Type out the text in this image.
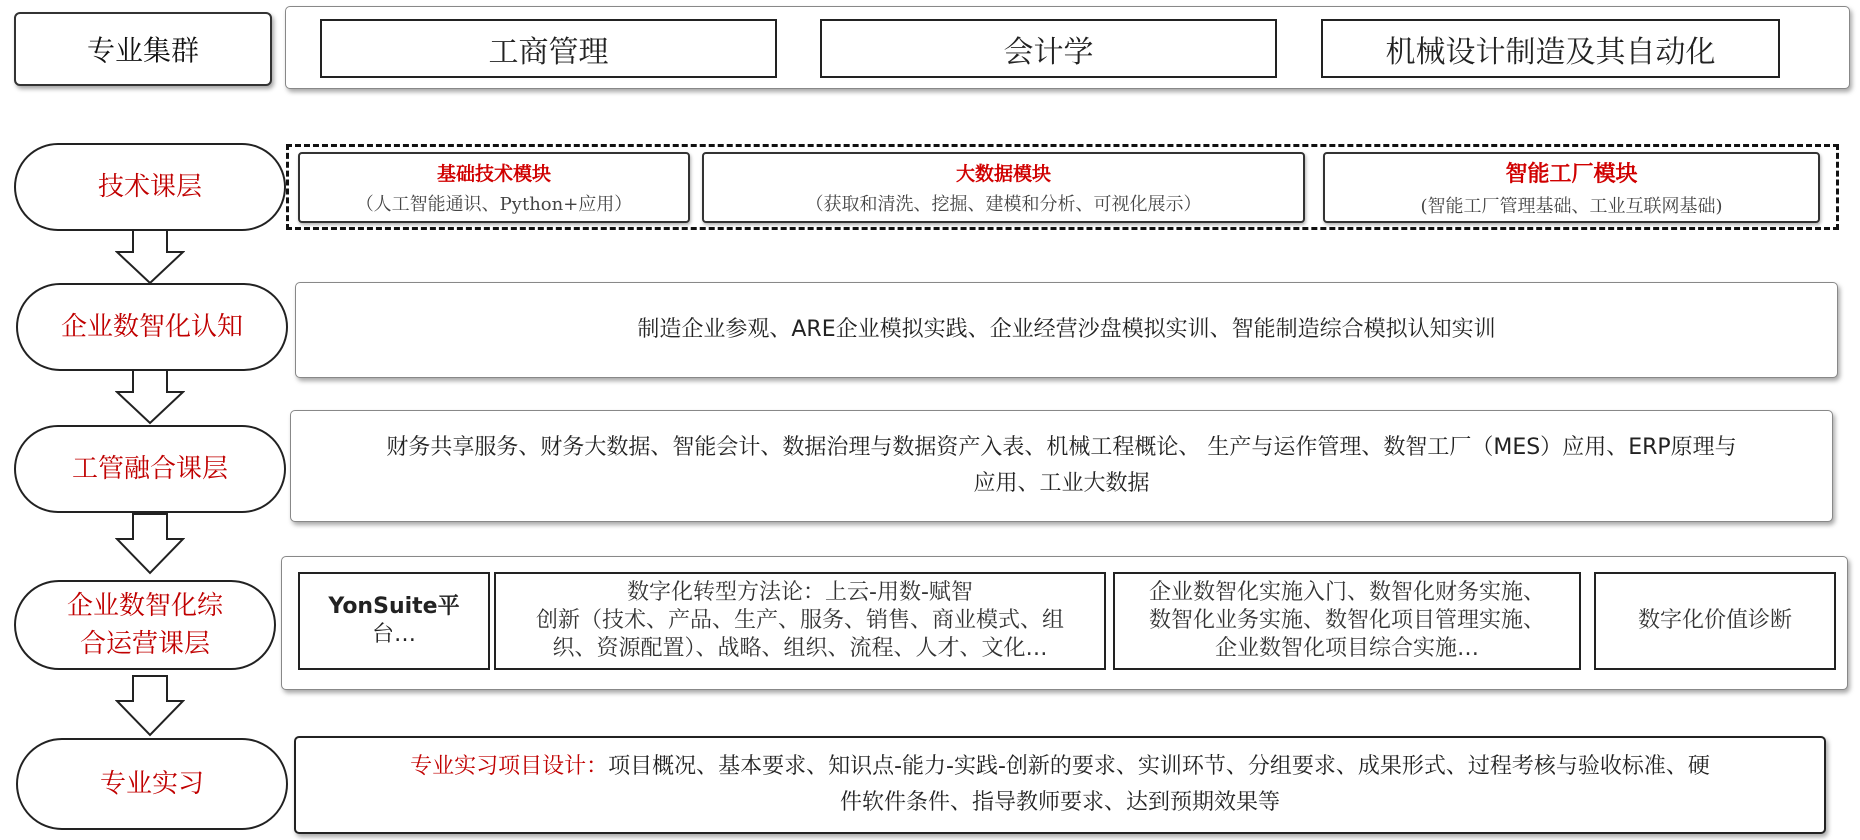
专业集群	工商管理	会计学	机械设计制造及其自动化
技术课层	基础技术模块
（人工智能通识、Python+应用）
大数据模块
（获取和清洗、挖掘、建模和分析、可视化展示）
智能工厂模块
(智能工厂管理基础、工业互联网基础)
企业数智化认知	制造企业参观、ARE企业模拟实践、企业经营沙盘模拟实训、智能制造综合模拟认知实训
工管融合课层
财务共享服务、财务大数据、智能会计、数据治理与数据资产入表、机械工程概论、 生产与运作管理、数智工厂（MES）应用、ERP原理与
应用、工业大数据
企业数智化综
合运营课层
YonSuite平
台…
数字化转型方法论：上云-用数-赋智
创新（技术、产品、生产、服务、销售、商业模式、组
织、资源配置）、战略、组织、流程、人才、文化…
企业数智化实施入门、数智化财务实施、
数智化业务实施、数智化项目管理实施、
企业数智化项目综合实施…
数字化价值诊断
专业实习
专业实习项目设计：项目概况、基本要求、知识点-能力-实践-创新的要求、实训环节、分组要求、成果形式、过程考核与验收标准、硬
件软件条件、指导教师要求、达到预期效果等
